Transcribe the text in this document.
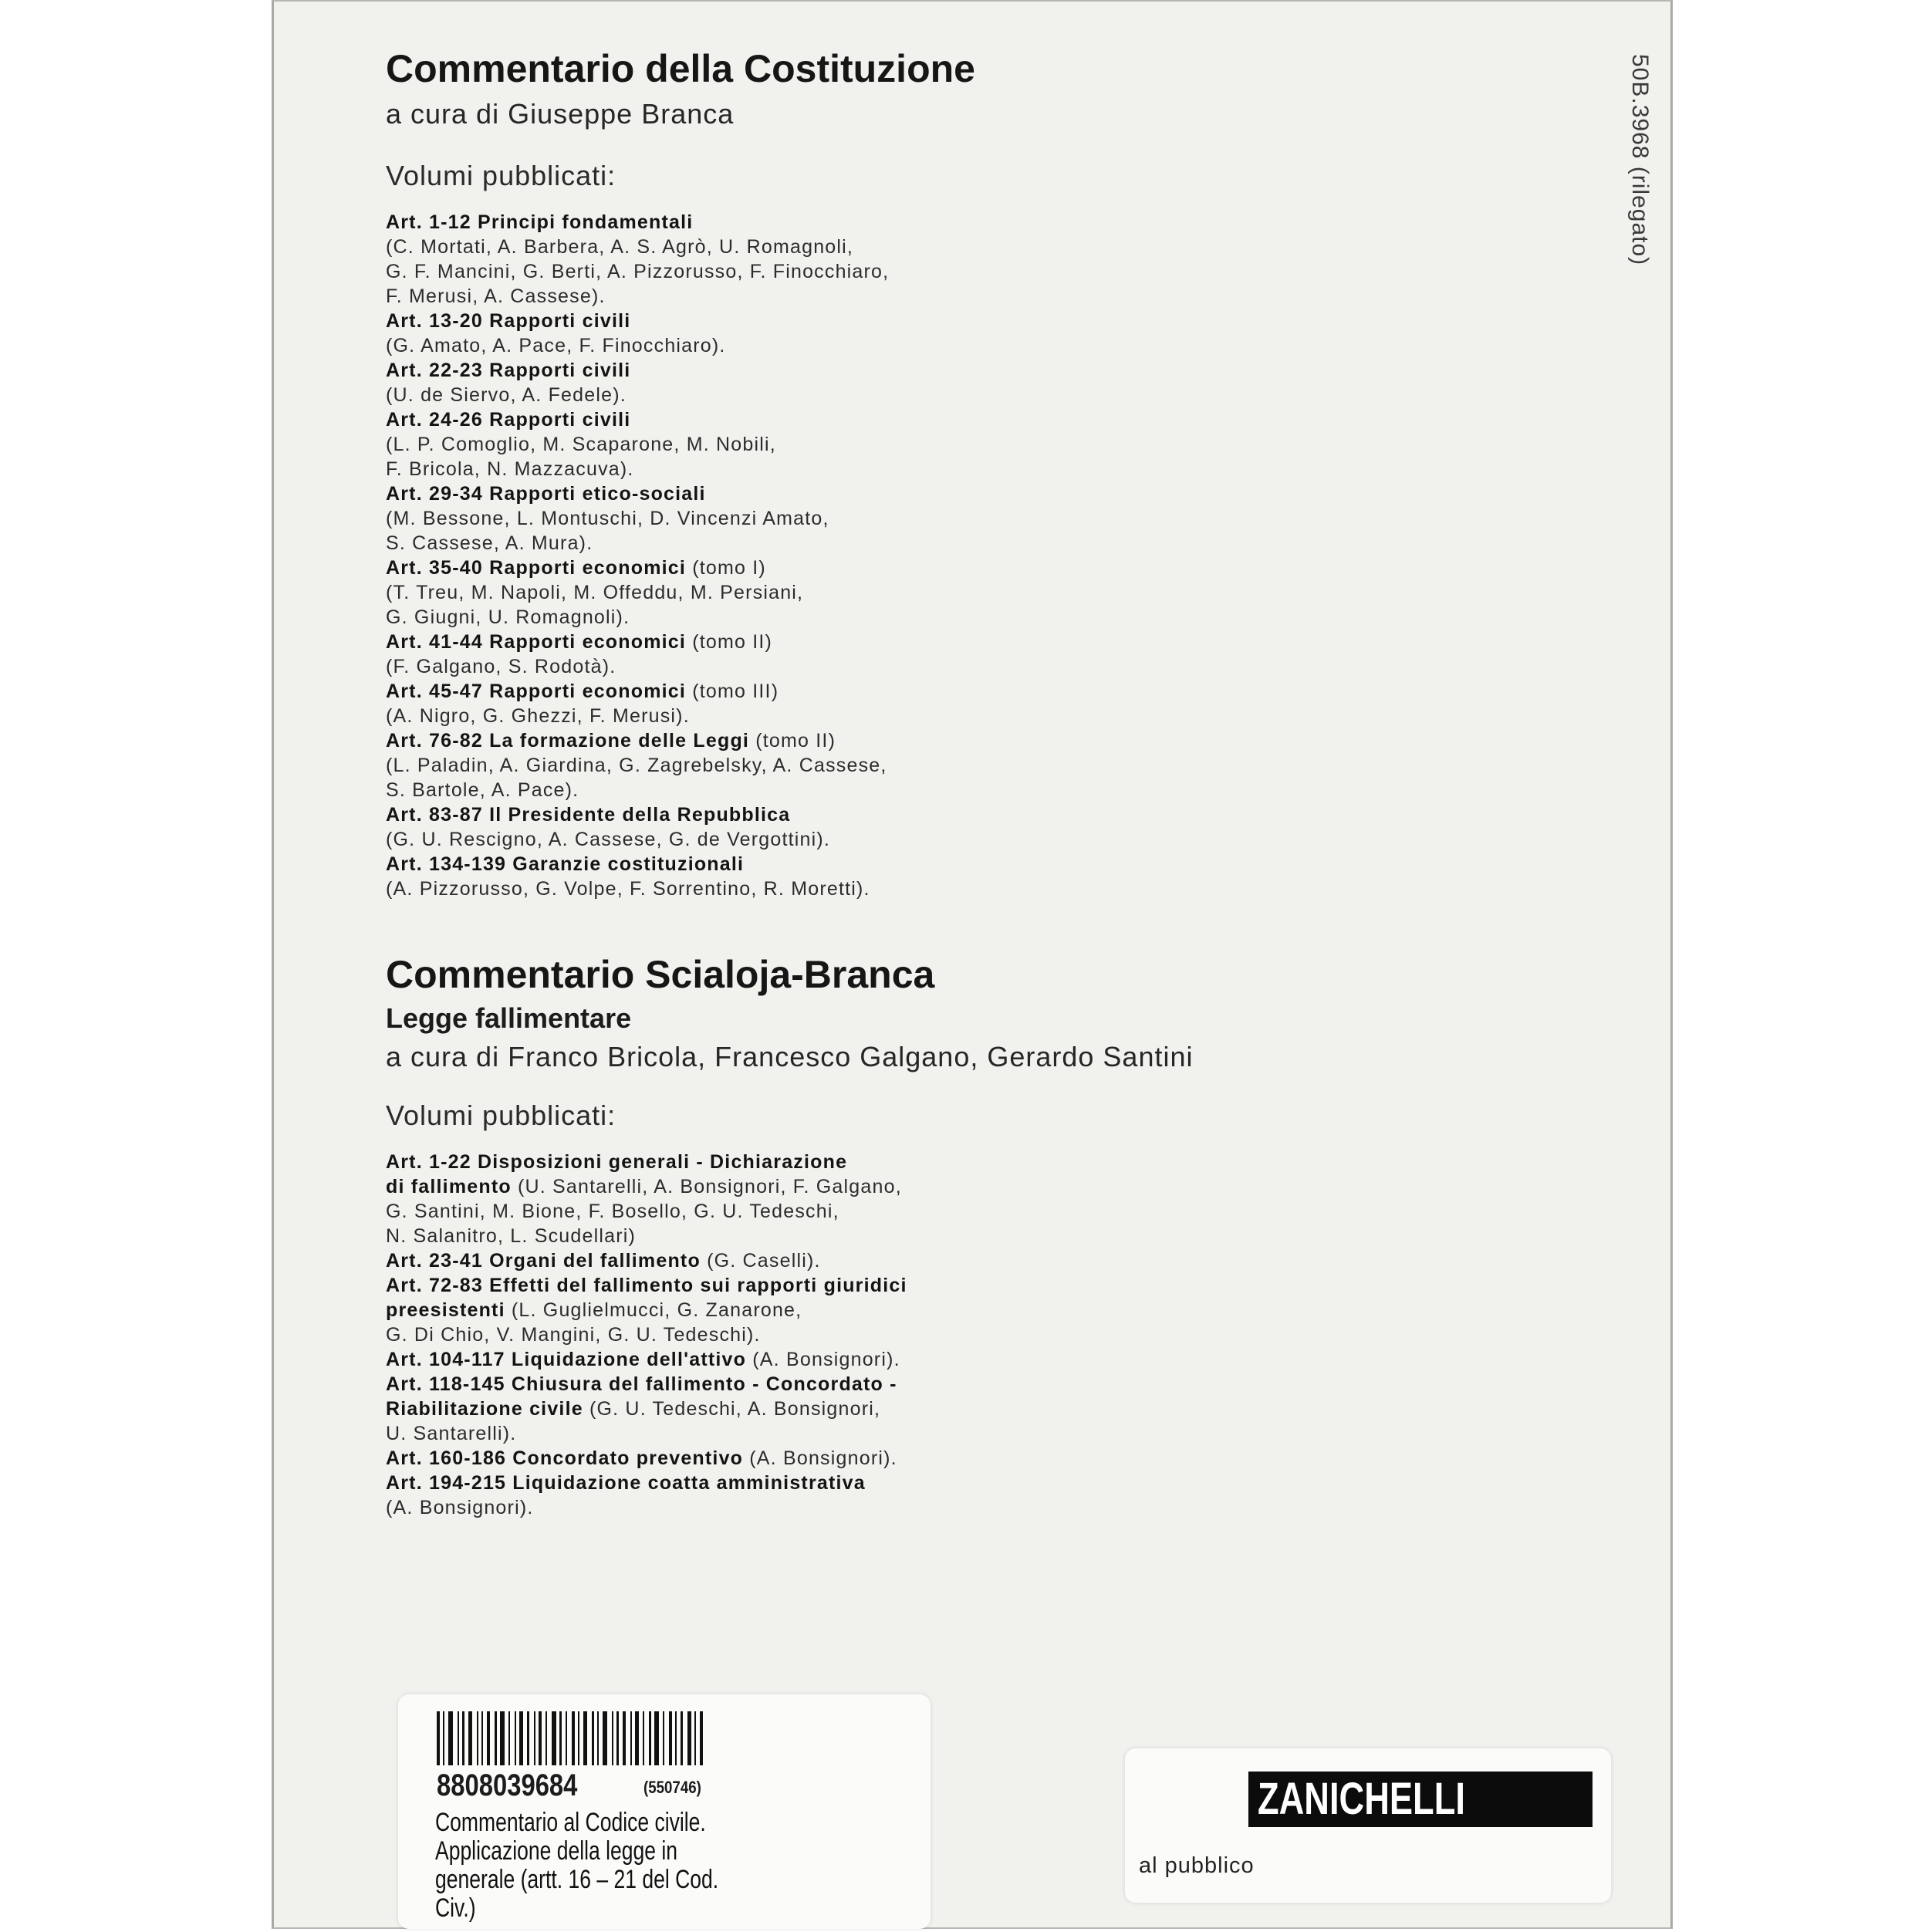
50B.3968 (rilegato)
Commentario della Costituzione
a cura di Giuseppe Branca
Volumi pubblicati:
Art. 1-12 Principi fondamentali
(C. Mortati, A. Barbera, A. S. Agrò, U. Romagnoli,
G. F. Mancini, G. Berti, A. Pizzorusso, F. Finocchiaro,
F. Merusi, A. Cassese).
Art. 13-20 Rapporti civili
(G. Amato, A. Pace, F. Finocchiaro).
Art. 22-23 Rapporti civili
(U. de Siervo, A. Fedele).
Art. 24-26 Rapporti civili
(L. P. Comoglio, M. Scaparone, M. Nobili,
F. Bricola, N. Mazzacuva).
Art. 29-34 Rapporti etico-sociali
(M. Bessone, L. Montuschi, D. Vincenzi Amato,
S. Cassese, A. Mura).
Art. 35-40 Rapporti economici (tomo I)
(T. Treu, M. Napoli, M. Offeddu, M. Persiani,
G. Giugni, U. Romagnoli).
Art. 41-44 Rapporti economici (tomo II)
(F. Galgano, S. Rodotà).
Art. 45-47 Rapporti economici (tomo III)
(A. Nigro, G. Ghezzi, F. Merusi).
Art. 76-82 La formazione delle Leggi (tomo II)
(L. Paladin, A. Giardina, G. Zagrebelsky, A. Cassese,
S. Bartole, A. Pace).
Art. 83-87 Il Presidente della Repubblica
(G. U. Rescigno, A. Cassese, G. de Vergottini).
Art. 134-139 Garanzie costituzionali
(A. Pizzorusso, G. Volpe, F. Sorrentino, R. Moretti).
Commentario Scialoja-Branca
Legge fallimentare
a cura di Franco Bricola, Francesco Galgano, Gerardo Santini
Volumi pubblicati:
Art. 1-22 Disposizioni generali - Dichiarazione
di fallimento (U. Santarelli, A. Bonsignori, F. Galgano,
G. Santini, M. Bione, F. Bosello, G. U. Tedeschi,
N. Salanitro, L. Scudellari)
Art. 23-41 Organi del fallimento (G. Caselli).
Art. 72-83 Effetti del fallimento sui rapporti giuridici
preesistenti (L. Guglielmucci, G. Zanarone,
G. Di Chio, V. Mangini, G. U. Tedeschi).
Art. 104-117 Liquidazione dell'attivo (A. Bonsignori).
Art. 118-145 Chiusura del fallimento - Concordato -
Riabilitazione civile (G. U. Tedeschi, A. Bonsignori,
U. Santarelli).
Art. 160-186 Concordato preventivo (A. Bonsignori).
Art. 194-215 Liquidazione coatta amministrativa
(A. Bonsignori).
8808039684	(550746)
Commentario al Codice civile.
Applicazione della legge in
generale (artt. 16 – 21 del Cod.
Civ.)
ZANICHELLI
al pubblico
